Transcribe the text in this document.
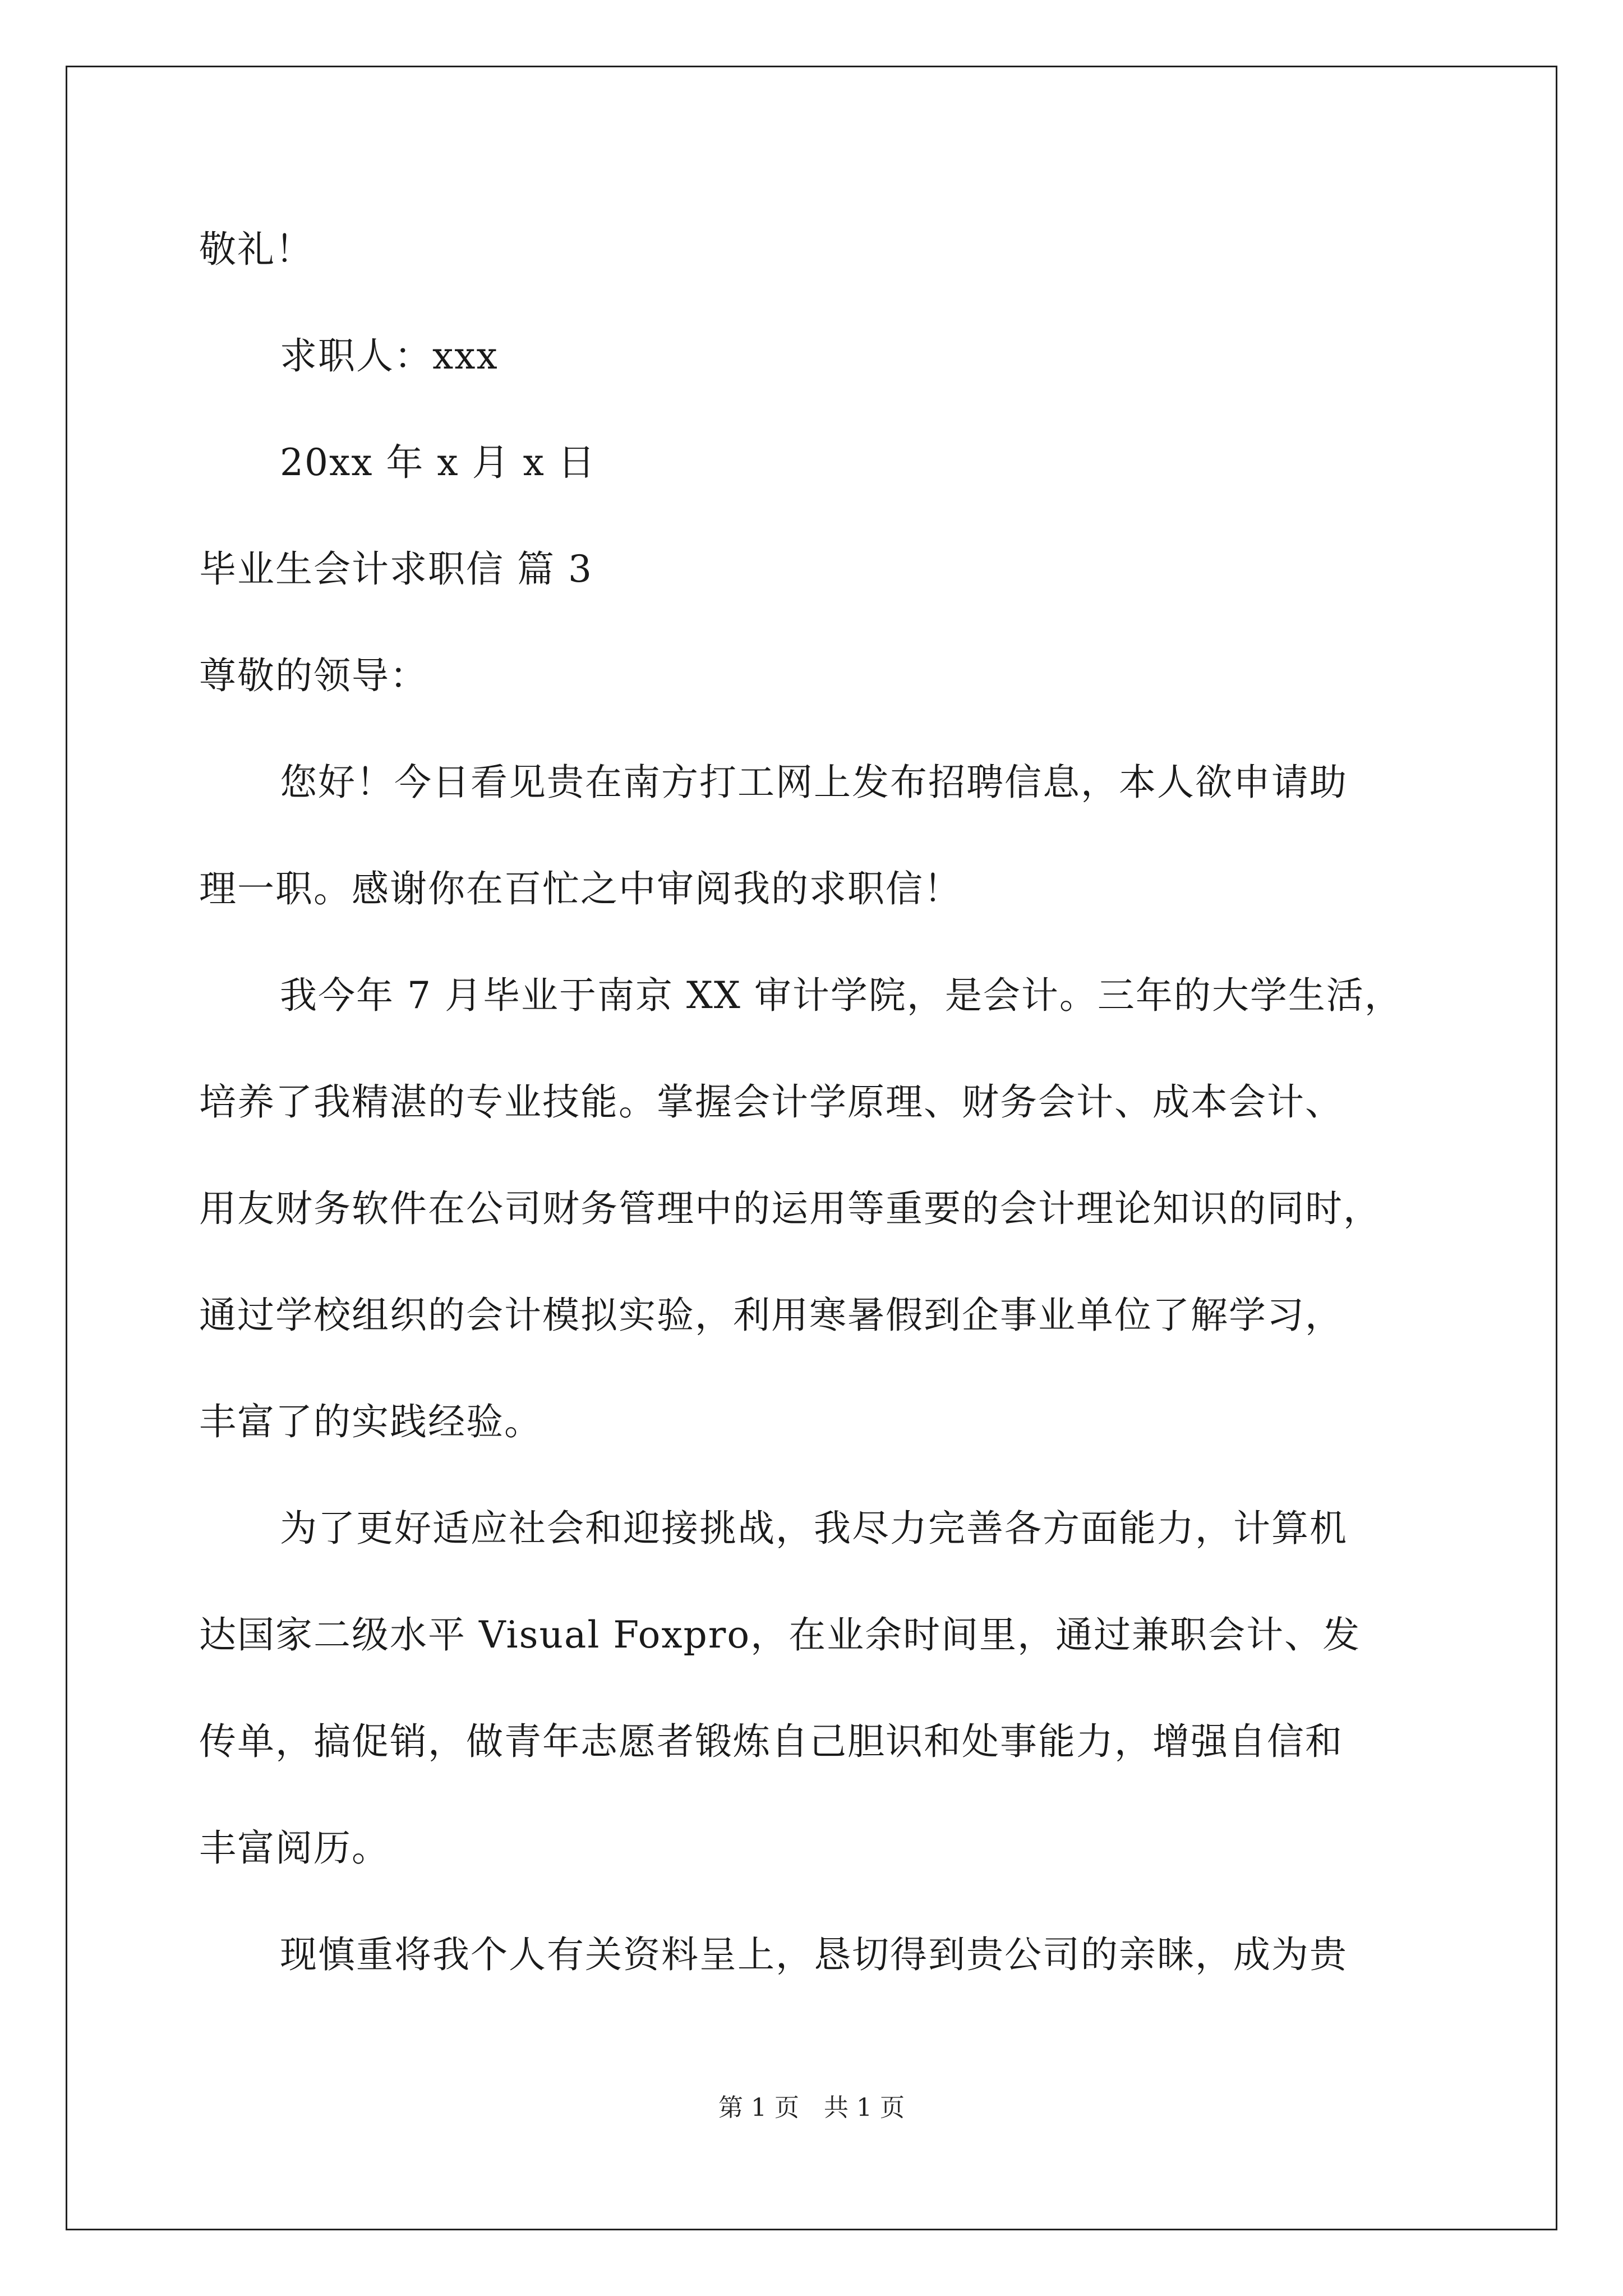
敬礼！
求职人：xxx
20xx 年 x 月 x 日
毕业生会计求职信 篇 3
尊敬的领导：
您好！今日看见贵在南方打工网上发布招聘信息，本人欲申请助
理一职。感谢你在百忙之中审阅我的求职信！
我今年 7 月毕业于南京 XX 审计学院，是会计。三年的大学生活，
培养了我精湛的专业技能。掌握会计学原理、财务会计、成本会计、
用友财务软件在公司财务管理中的运用等重要的会计理论知识的同时，
通过学校组织的会计模拟实验，利用寒暑假到企事业单位了解学习，
丰富了的实践经验。
为了更好适应社会和迎接挑战，我尽力完善各方面能力，计算机
达国家二级水平 Visual Foxpro，在业余时间里，通过兼职会计、发
传单，搞促销，做青年志愿者锻炼自己胆识和处事能力，增强自信和
丰富阅历。
现慎重将我个人有关资料呈上，恳切得到贵公司的亲睐，成为贵
第 1 页　共 1 页
